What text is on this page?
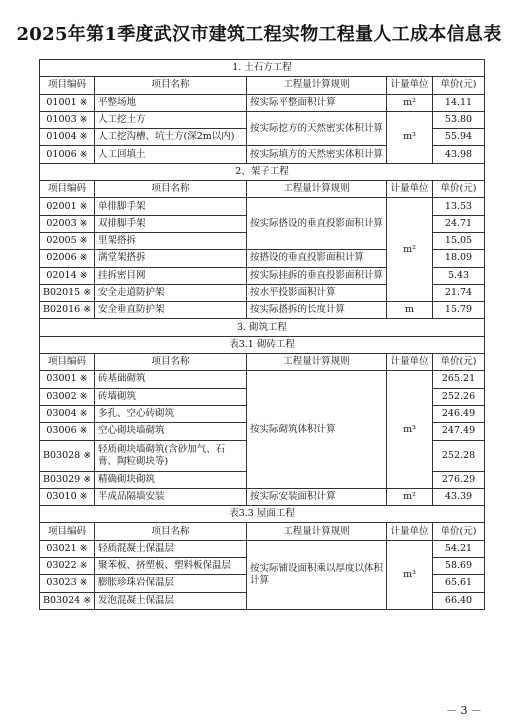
2025年第1季度武汉市建筑工程实物工程量人工成本信息表
1. 土石方工程				
项目编码	项目名称	工程量计算规则	计量单位	单价(元)
01001 ※	平整场地	按实际平整面积计算	m²	14.11
01003 ※	人工挖土方	按实际挖方的天然密实体积计算	m³	53.80
01004 ※	人工挖沟槽、坑土方(深2m以内)			55.94
01006 ※	人工回填土	按实际填方的天然密实体积计算		43.98
2、架子工程				
项目编码	项目名称	工程量计算规则	计量单位	单价(元)
02001 ※	单排脚手架	按实际搭设的垂直投影面积计算	m²	13.53
02003 ※	双排脚手架			24.71
02005 ※	里架搭拆			15.05
02006 ※	满堂架搭拆	按搭设的垂直投影面积计算		18.09
02014 ※	挂拆密目网	按实际挂拆的垂直投影面积计算		5.43
B02015 ※	安全走道防护架	按水平投影面积计算		21.74
B02016 ※	安全垂直防护架	按实际搭拆的长度计算	m	15.79
3. 砌筑工程				
表3.1 砌砖工程				
项目编码	项目名称	工程量计算规则	计量单位	单价(元)
03001 ※	砖基础砌筑	按实际砌筑体积计算	m³	265.21
03002 ※	砖墙砌筑			252.26
03004 ※	多孔、空心砖砌筑			246.49
03006 ※	空心砌块墙砌筑			247.49
B03028 ※	轻质砌块墙砌筑(含砂加气、石膏、陶粒砌块等)			252.28
B03029 ※	精确砌块砌筑			276.29
03010 ※	半成品隔墙安装	按实际安装面积计算	m²	43.39
表3.3 屋面工程				
项目编码	项目名称	工程量计算规则	计量单位	单价(元)
03021 ※	轻质混凝土保温层	按实际铺设面积乘以厚度以体积计算	m³	54.21
03022 ※	聚苯板、挤塑板、塑料板保温层			58.69
03023 ※	膨胀珍珠岩保温层			65.61
B03024 ※	发泡混凝土保温层			66.40
－ 3 －
